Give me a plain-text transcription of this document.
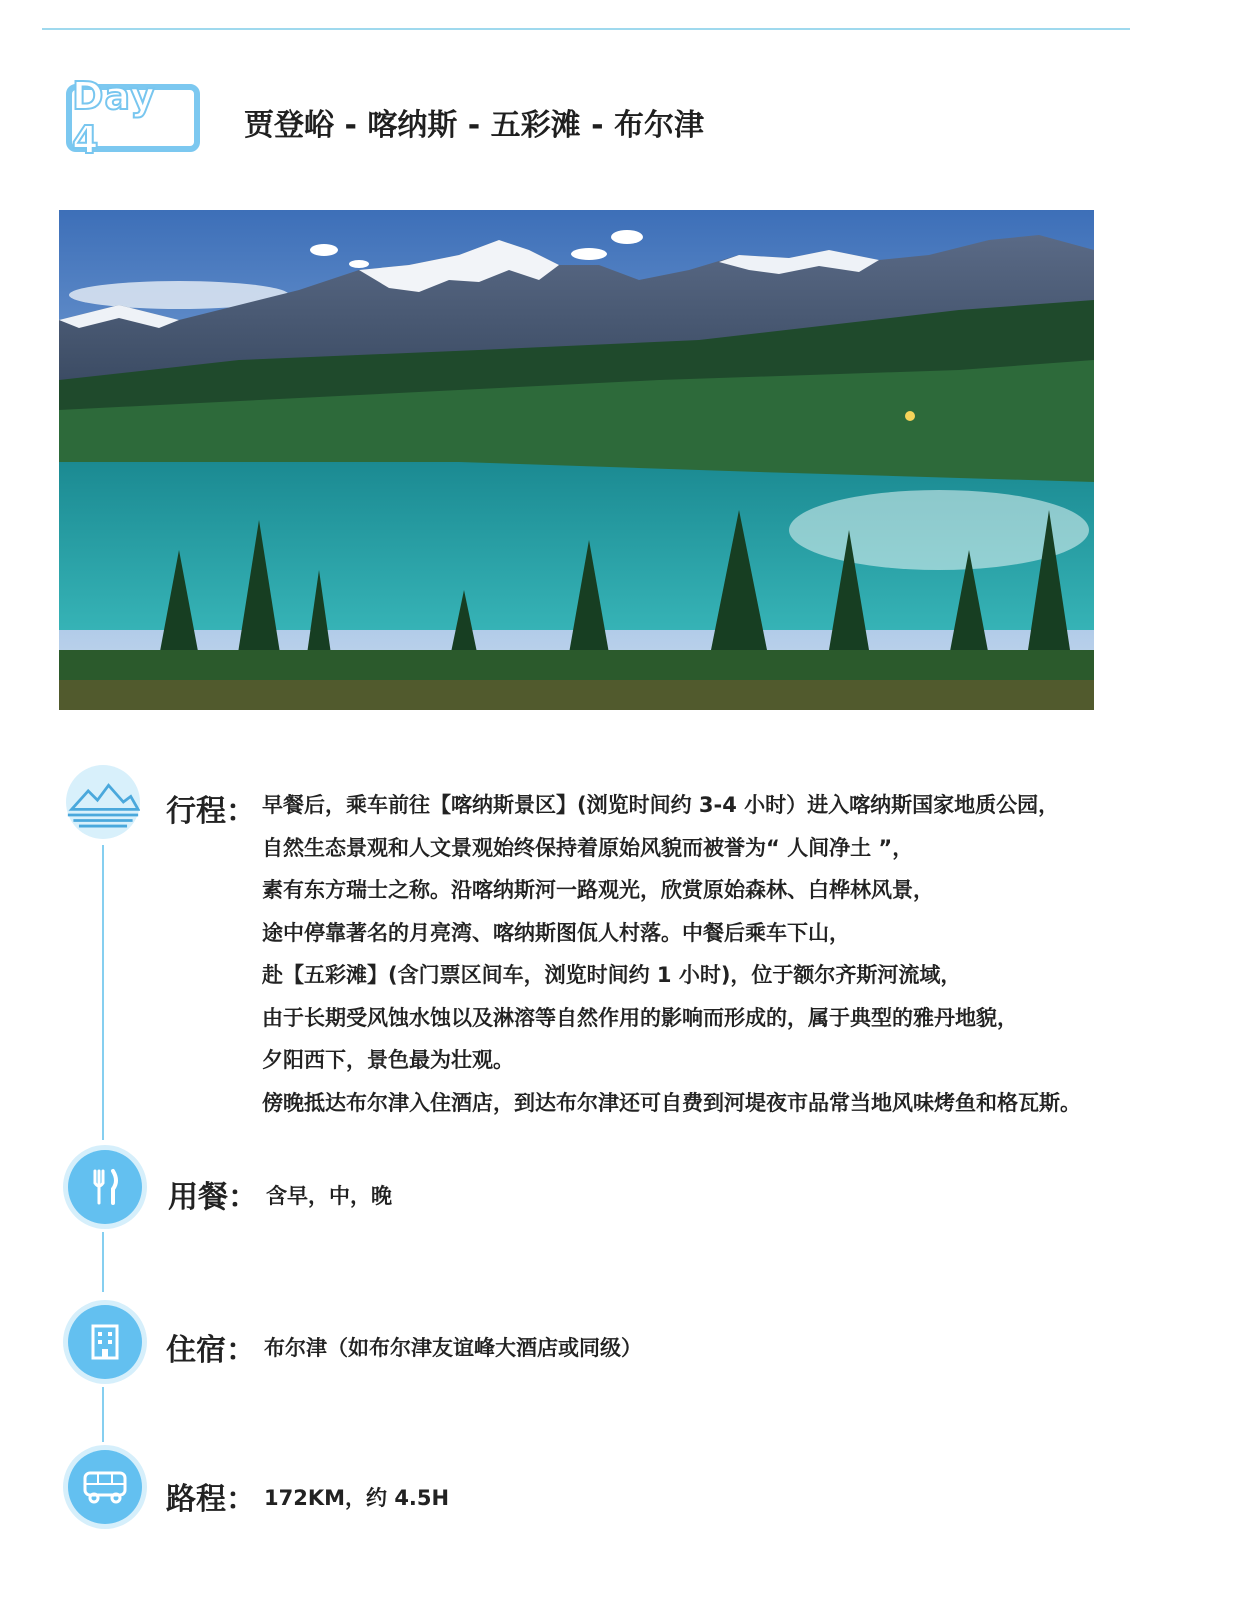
Day 4	贾登峪 - 喀纳斯 - 五彩滩 - 布尔津
行程： 早餐后，乘车前往【喀纳斯景区】(浏览时间约 3-4 小时）进入喀纳斯国家地质公园，
自然生态景观和人文景观始终保持着原始风貌而被誉为“ 人间净土 ”，
素有东方瑞士之称。沿喀纳斯河一路观光，欣赏原始森林、白桦林风景，
途中停靠著名的月亮湾、喀纳斯图佤人村落。中餐后乘车下山，
赴【五彩滩】(含门票区间车，浏览时间约 1 小时)，位于额尔齐斯河流域，
由于长期受风蚀水蚀以及淋溶等自然作用的影响而形成的，属于典型的雅丹地貌，
夕阳西下，景色最为壮观。
傍晚抵达布尔津入住酒店，到达布尔津还可自费到河堤夜市品常当地风味烤鱼和格瓦斯。
用餐： 含早，中，晚
住宿： 布尔津（如布尔津友谊峰大酒店或同级）
路程： 172KM，约 4.5H
